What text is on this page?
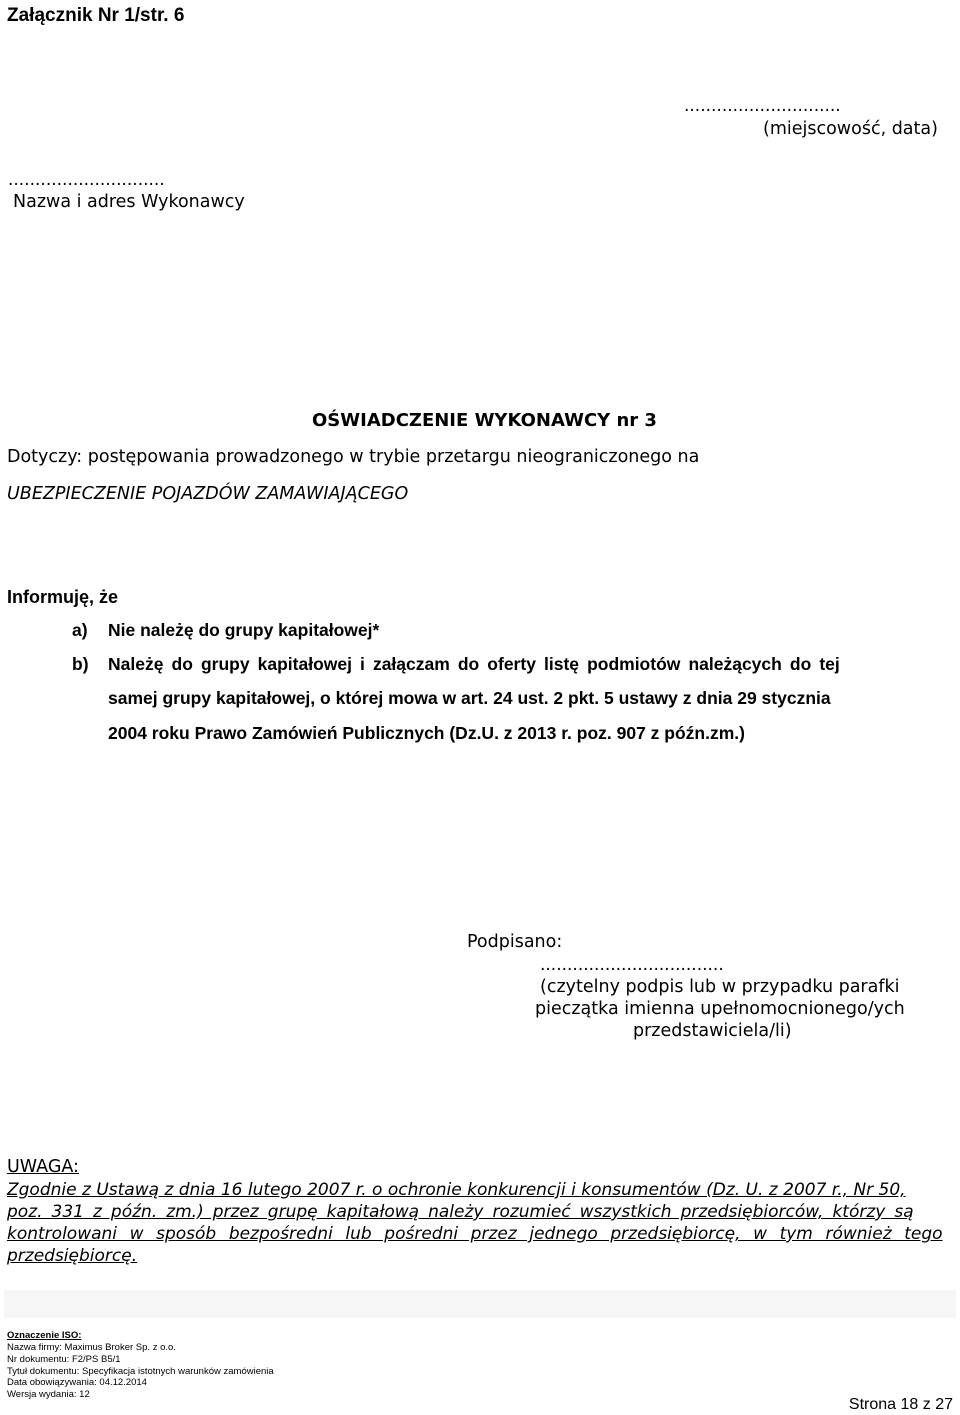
Załącznik Nr 1/str. 6
.............................
(miejscowość, data)
.............................
Nazwa i adres Wykonawcy
OŚWIADCZENIE WYKONAWCY nr 3
Dotyczy: postępowania prowadzonego w trybie przetargu nieograniczonego na
UBEZPIECZENIE POJAZDÓW ZAMAWIAJĄCEGO
Informuję, że
a) Nie należę do grupy kapitałowej*
b) Należę do grupy kapitałowej i załączam do oferty listę podmiotów należących do tej
samej grupy kapitałowej, o której mowa w art. 24 ust. 2 pkt. 5 ustawy z dnia 29 stycznia
2004 roku Prawo Zamówień Publicznych (Dz.U. z 2013 r. poz. 907 z późn.zm.)
Podpisano:
..................................
(czytelny podpis lub w przypadku parafki
pieczątka imienna upełnomocnionego/ych
przedstawiciela/li)
UWAGA:
Zgodnie z Ustawą z dnia 16 lutego 2007 r. o ochronie konkurencji i konsumentów (Dz. U. z 2007 r., Nr 50,
poz. 331 z późn. zm.) przez grupę kapitałową należy rozumieć wszystkich przedsiębiorców, którzy są
kontrolowani w sposób bezpośredni lub pośredni przez jednego przedsiębiorcę, w tym również tego
przedsiębiorcę.
Oznaczenie ISO:
Nazwa firmy: Maximus Broker Sp. z o.o.
Nr dokumentu: F2/PS B5/1
Tytuł dokumentu: Specyfikacja istotnych warunków zamówienia
Data obowiązywania: 04.12.2014
Wersja wydania: 12
Strona 18 z 27
